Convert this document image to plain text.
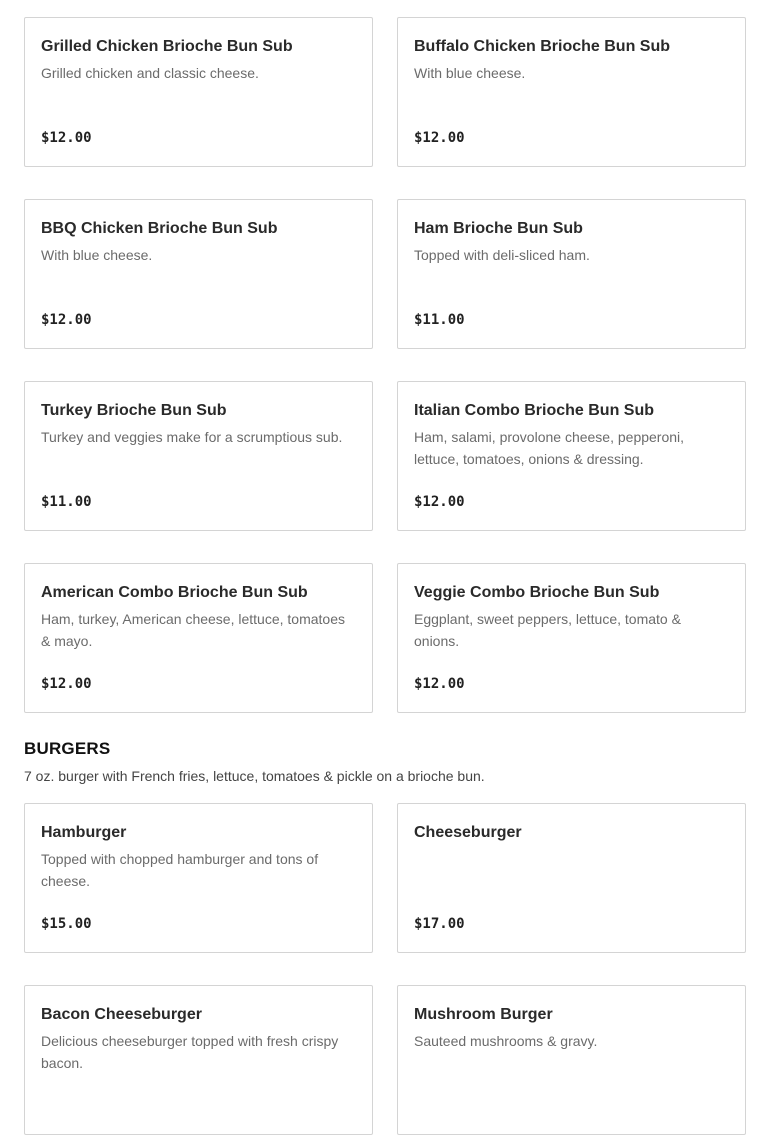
Grilled Chicken Brioche Bun Sub
Grilled chicken and classic cheese.
$12.00
Buffalo Chicken Brioche Bun Sub
With blue cheese.
$12.00
BBQ Chicken Brioche Bun Sub
With blue cheese.
$12.00
Ham Brioche Bun Sub
Topped with deli-sliced ham.
$11.00
Turkey Brioche Bun Sub
Turkey and veggies make for a scrumptious sub.
$11.00
Italian Combo Brioche Bun Sub
Ham, salami, provolone cheese, pepperoni, lettuce, tomatoes, onions & dressing.
$12.00
American Combo Brioche Bun Sub
Ham, turkey, American cheese, lettuce, tomatoes & mayo.
$12.00
Veggie Combo Brioche Bun Sub
Eggplant, sweet peppers, lettuce, tomato & onions.
$12.00
BURGERS
7 oz. burger with French fries, lettuce, tomatoes & pickle on a brioche bun.
Hamburger
Topped with chopped hamburger and tons of cheese.
$15.00
Cheeseburger
$17.00
Bacon Cheeseburger
Delicious cheeseburger topped with fresh crispy bacon.
Mushroom Burger
Sauteed mushrooms & gravy.
